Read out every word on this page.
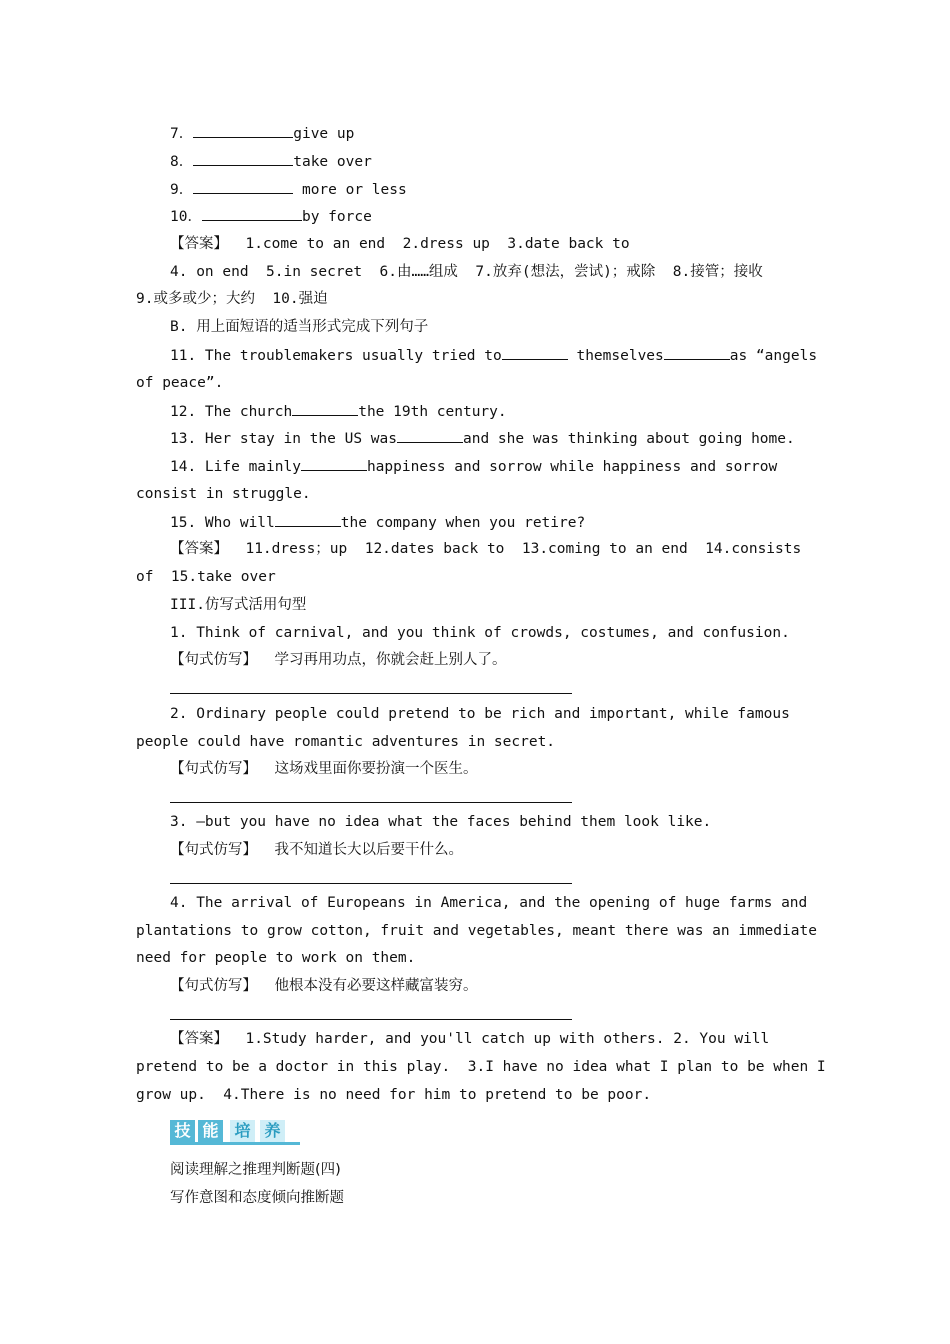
7．	give up
8．	take over
9．	more or less
10．	by force
【答案】 1.come to an end  2.dress up  3.date back to
4. on end  5.in secret  6.由……组成  7.放弃(想法，尝试)；戒除  8.接管；接收
9.或多或少；大约  10.强迫
B. 用上面短语的适当形式完成下列句子
11. The troublemakers usually tried to	themselves	as “angels
of peace”.
12. The church	the 19th century.
13. Her stay in the US was	and she was thinking about going home.
14. Life mainly	happiness and sorrow while happiness and sorrow
consist in struggle.
15. Who will	the company when you retire?
【答案】 11.dress；up  12.dates back to  13.coming to an end  14.consists
of  15.take over
III.仿写式活用句型
1. Think of carnival, and you think of crowds, costumes, and confusion.
【句式仿写】 学习再用功点，你就会赶上别人了。
2. Ordinary people could pretend to be rich and important, while famous
people could have romantic adventures in secret.
【句式仿写】 这场戏里面你要扮演一个医生。
3. —but you have no idea what the faces behind them look like.
【句式仿写】 我不知道长大以后要干什么。
4. The arrival of Europeans in America, and the opening of huge farms and
plantations to grow cotton, fruit and vegetables, meant there was an immediate
need for people to work on them.
【句式仿写】 他根本没有必要这样藏富装穷。
【答案】 1.Study harder, and you'll catch up with others. 2. You will
pretend to be a doctor in this play.  3.I have no idea what I plan to be when I
grow up.  4.There is no need for him to pretend to be poor.
技 能 培 养
阅读理解之推理判断题(四)
写作意图和态度倾向推断题
